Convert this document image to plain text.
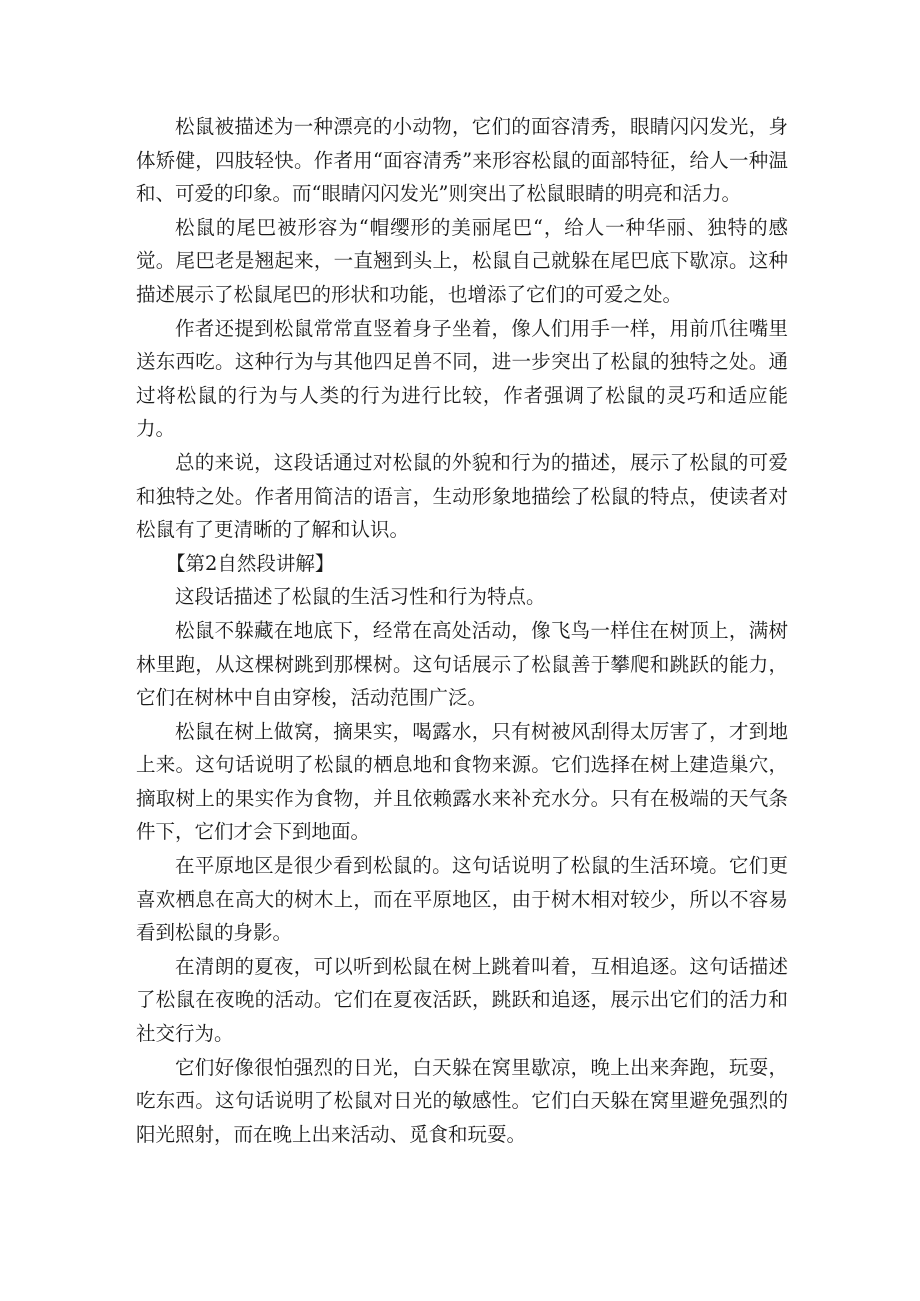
松鼠被描述为一种漂亮的小动物，它们的面容清秀，眼睛闪闪发光，身体矫健，四肢轻快。作者用“面容清秀”来形容松鼠的面部特征，给人一种温和、可爱的印象。而“眼睛闪闪发光”则突出了松鼠眼睛的明亮和活力。

松鼠的尾巴被形容为“帽缨形的美丽尾巴“，给人一种华丽、独特的感觉。尾巴老是翘起来，一直翘到头上，松鼠自己就躲在尾巴底下歇凉。这种描述展示了松鼠尾巴的形状和功能，也增添了它们的可爱之处。

作者还提到松鼠常常直竖着身子坐着，像人们用手一样，用前爪往嘴里送东西吃。这种行为与其他四足兽不同，进一步突出了松鼠的独特之处。通过将松鼠的行为与人类的行为进行比较，作者强调了松鼠的灵巧和适应能力。

总的来说，这段话通过对松鼠的外貌和行为的描述，展示了松鼠的可爱和独特之处。作者用简洁的语言，生动形象地描绘了松鼠的特点，使读者对松鼠有了更清晰的了解和认识。

【第2自然段讲解】

这段话描述了松鼠的生活习性和行为特点。

松鼠不躲藏在地底下，经常在高处活动，像飞鸟一样住在树顶上，满树林里跑，从这棵树跳到那棵树。这句话展示了松鼠善于攀爬和跳跃的能力，它们在树林中自由穿梭，活动范围广泛。

松鼠在树上做窝，摘果实，喝露水，只有树被风刮得太厉害了，才到地上来。这句话说明了松鼠的栖息地和食物来源。它们选择在树上建造巢穴，摘取树上的果实作为食物，并且依赖露水来补充水分。只有在极端的天气条件下，它们才会下到地面。

在平原地区是很少看到松鼠的。这句话说明了松鼠的生活环境。它们更喜欢栖息在高大的树木上，而在平原地区，由于树木相对较少，所以不容易看到松鼠的身影。

在清朗的夏夜，可以听到松鼠在树上跳着叫着，互相追逐。这句话描述了松鼠在夜晚的活动。它们在夏夜活跃，跳跃和追逐，展示出它们的活力和社交行为。

它们好像很怕强烈的日光，白天躲在窝里歇凉，晚上出来奔跑，玩耍，吃东西。这句话说明了松鼠对日光的敏感性。它们白天躲在窝里避免强烈的阳光照射，而在晚上出来活动、觅食和玩耍。
